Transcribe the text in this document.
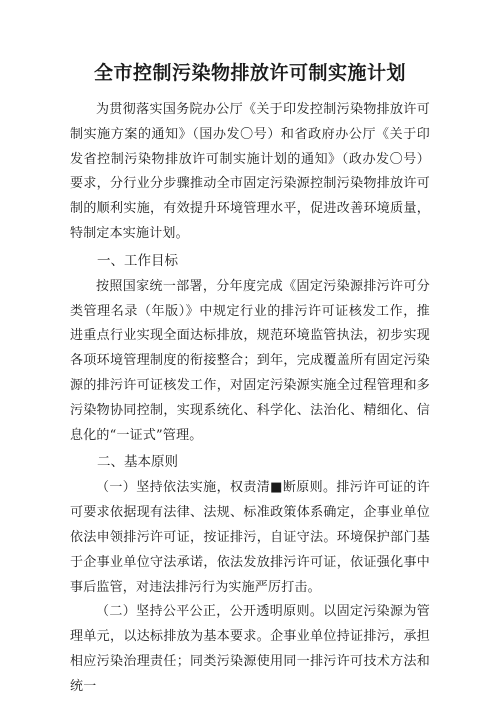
全市控制污染物排放许可制实施计划

为贯彻落实国务院办公厅《关于印发控制污染物排放许可制实施方案的通知》（国办发〇号）和省政府办公厅《关于印发省控制污染物排放许可制实施计划的通知》（政办发〇号）要求，分行业分步骤推动全市固定污染源控制污染物排放许可制的顺利实施，有效提升环境管理水平，促进改善环境质量，特制定本实施计划。

一、工作目标

按照国家统一部署，分年度完成《固定污染源排污许可分类管理名录（年版）》中规定行业的排污许可证核发工作，推进重点行业实现全面达标排放，规范环境监管执法，初步实现各项环境管理制度的衔接整合；到年，完成覆盖所有固定污染源的排污许可证核发工作，对固定污染源实施全过程管理和多污染物协同控制，实现系统化、科学化、法治化、精细化、信息化的“一证式”管理。

二、基本原则

（一）坚持依法实施，权责清■断原则。排污许可证的许可要求依据现有法律、法规、标准政策体系确定，企事业单位依法申领排污许可证，按证排污，自证守法。环境保护部门基于企事业单位守法承诺，依法发放排污许可证，依证强化事中事后监管，对违法排污行为实施严厉打击。

（二）坚持公平公正，公开透明原则。以固定污染源为管理单元，以达标排放为基本要求。企事业单位持证排污，承担相应污染治理责任；同类污染源使用同一排污许可技术方法和统一
